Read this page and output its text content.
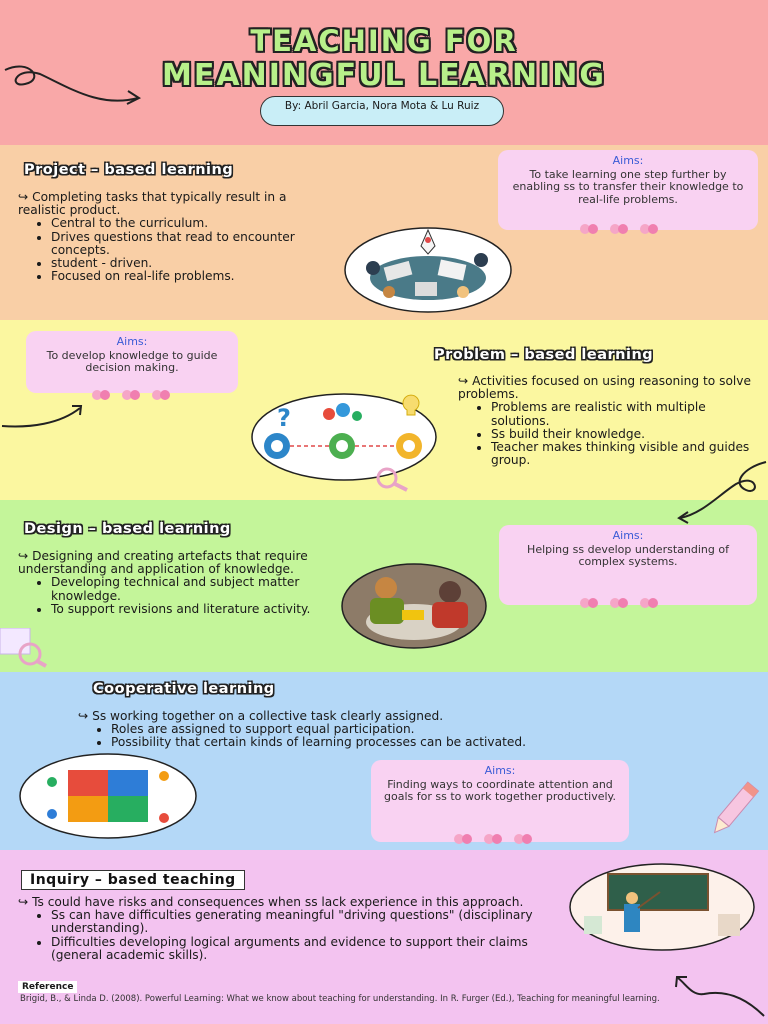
TEACHING FOR
MEANINGFUL LEARNING
By: Abril Garcia, Nora Mota & Lu Ruiz
Project – based learning
↪ Completing tasks that typically result in a realistic product.
• Central to the curriculum.
• Drives questions that read to encounter concepts.
• student - driven.
• Focused on real-life problems.
Aims:
To take learning one step further by enabling ss to transfer their knowledge to real-life problems.
Aims:
To develop knowledge to guide decision making.
Problem – based learning
↪ Activities focused on using reasoning to solve problems.
• Problems are realistic with multiple solutions.
• Ss build their knowledge.
• Teacher makes thinking visible and guides group.
?
Design – based learning
↪ Designing and creating artefacts that require understanding and application of knowledge.
• Developing technical and subject matter knowledge.
• To support revisions and literature activity.
Aims:
Helping ss develop understanding of complex systems.
Cooperative learning
↪ Ss working together on a collective task clearly assigned.
• Roles are assigned to support equal participation.
• Possibility that certain kinds of learning processes can be activated.
Aims:
Finding ways to coordinate attention and goals for ss to work together productively.
Inquiry – based teaching
↪ Ts could have risks and consequences when ss lack experience in this approach.
• Ss can have difficulties generating meaningful "driving questions" (disciplinary understanding).
• Difficulties developing logical arguments and evidence to support their claims (general academic skills).
Reference
Brigid, B., & Linda D. (2008). Powerful Learning: What we know about teaching for understanding. In R. Furger (Ed.), Teaching for meaningful learning.
